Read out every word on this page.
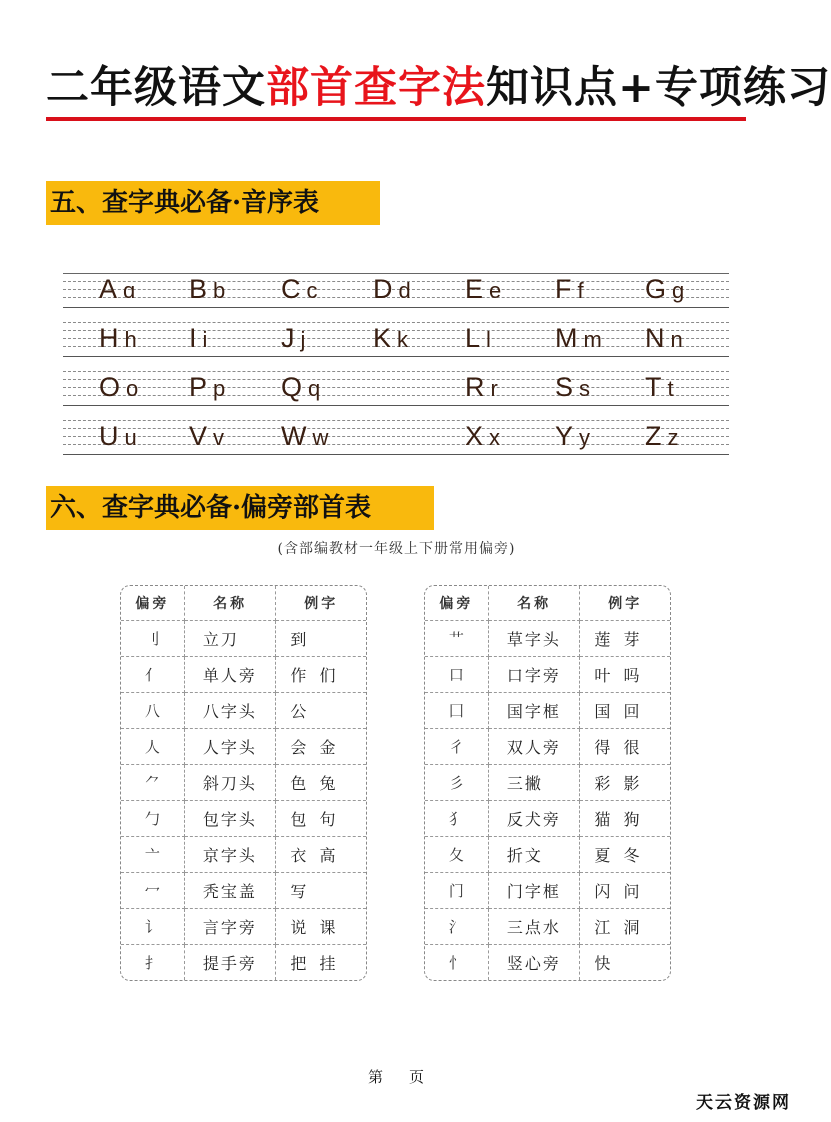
二年级语文部首查字法知识点+专项练习
五、查字典必备·音序表
A ɑ B b C c D d E e F f G g
H h I i	J j	K k L l M m N n
O o P p Q q	R r S s T t
U u V v W w	X x Y y Z z
六、查字典必备·偏旁部首表
(含部编教材一年级上下册常用偏旁)
偏旁	名称	例字
刂	立刀	到
亻	单人旁	作 们
八	八字头	公
人	人字头	会 金
⺈	斜刀头	色 兔
勹	包字头	包 句
亠	京字头	衣 高
冖	秃宝盖	写
讠	言字旁	说 课
扌	提手旁	把 挂
偏旁	名称	例字
艹	草字头	莲 芽
口	口字旁	叶 吗
囗	国字框	国 回
彳	双人旁	得 很
彡	三撇	彩 影
犭	反犬旁	猫 狗
夂	折文	夏 冬
门	门字框	闪 问
氵	三点水	江 洞
忄	竖心旁	快
第 页
天云资源网
